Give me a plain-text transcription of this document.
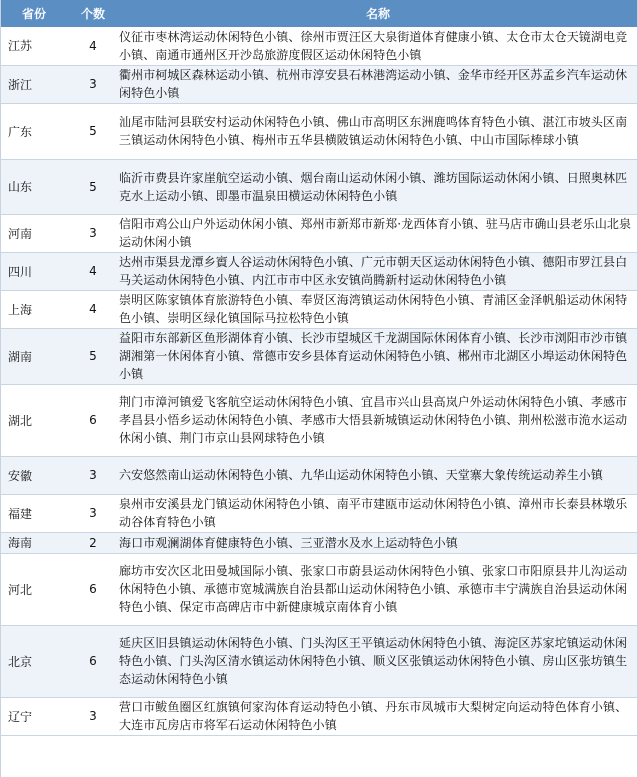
省份	个数	名称
江苏	4	仪征市枣林湾运动休闲特色小镇、徐州市贾汪区大泉街道体育健康小镇、太仓市太仓天镜湖电竞小镇、南通市通州区开沙岛旅游度假区运动休闲特色小镇
浙江	3	衢州市柯城区森林运动小镇、杭州市淳安县石林港湾运动小镇、金华市经开区苏孟乡汽车运动休闲特色小镇
广东	5	汕尾市陆河县联安村运动休闲特色小镇、佛山市高明区东洲鹿鸣体育特色小镇、湛江市坡头区南三镇运动休闲特色小镇、梅州市五华县横陂镇运动休闲特色小镇、中山市国际棒球小镇
山东	5	临沂市费县许家崖航空运动小镇、烟台南山运动休闲小镇、潍坊国际运动休闲小镇、日照奥林匹克水上运动小镇、即墨市温泉田横运动休闲特色小镇
河南	3	信阳市鸡公山户外运动休闲小镇、郑州市新郑市新郑·龙西体育小镇、驻马店市确山县老乐山北泉运动休闲小镇
四川	4	达州市渠县龙潭乡賨人谷运动休闲特色小镇、广元市朝天区运动休闲特色小镇、德阳市罗江县白马关运动休闲特色小镇、内江市市中区永安镇尚腾新村运动休闲特色小镇
上海	4	崇明区陈家镇体育旅游特色小镇、奉贤区海湾镇运动休闲特色小镇、青浦区金泽帆船运动休闲特色小镇、崇明区绿化镇国际马拉松特色小镇
湖南	5	益阳市东部新区鱼形湖体育小镇、长沙市望城区千龙湖国际休闲体育小镇、长沙市浏阳市沙市镇湖湘第一休闲体育小镇、常德市安乡县体育运动休闲特色小镇、郴州市北湖区小埠运动休闲特色小镇
湖北	6	荆门市漳河镇爱飞客航空运动休闲特色小镇、宜昌市兴山县高岚户外运动休闲特色小镇、孝感市孝昌县小悟乡运动休闲特色小镇、孝感市大悟县新城镇运动休闲特色小镇、荆州松滋市洈水运动休闲小镇、荆门市京山县网球特色小镇
安徽	3	六安悠然南山运动休闲特色小镇、九华山运动休闲特色小镇、天堂寨大象传统运动养生小镇
福建	3	泉州市安溪县龙门镇运动休闲特色小镇、南平市建瓯市运动休闲特色小镇、漳州市长泰县林墩乐动谷体育特色小镇
海南	2	海口市观澜湖体育健康特色小镇、三亚潜水及水上运动特色小镇
河北	6	廊坊市安次区北田曼城国际小镇、张家口市蔚县运动休闲特色小镇、张家口市阳原县井儿沟运动休闲特色小镇、承德市宽城满族自治县都山运动休闲特色小镇、承德市丰宁满族自治县运动休闲特色小镇、保定市高碑店市中新健康城京南体育小镇
北京	6	延庆区旧县镇运动休闲特色小镇、门头沟区王平镇运动休闲特色小镇、海淀区苏家坨镇运动休闲特色小镇、门头沟区清水镇运动休闲特色小镇、顺义区张镇运动休闲特色小镇、房山区张坊镇生态运动休闲特色小镇
辽宁	3	营口市鲅鱼圈区红旗镇何家沟体育运动特色小镇、丹东市凤城市大梨树定向运动特色体育小镇、大连市瓦房店市将军石运动休闲特色小镇
